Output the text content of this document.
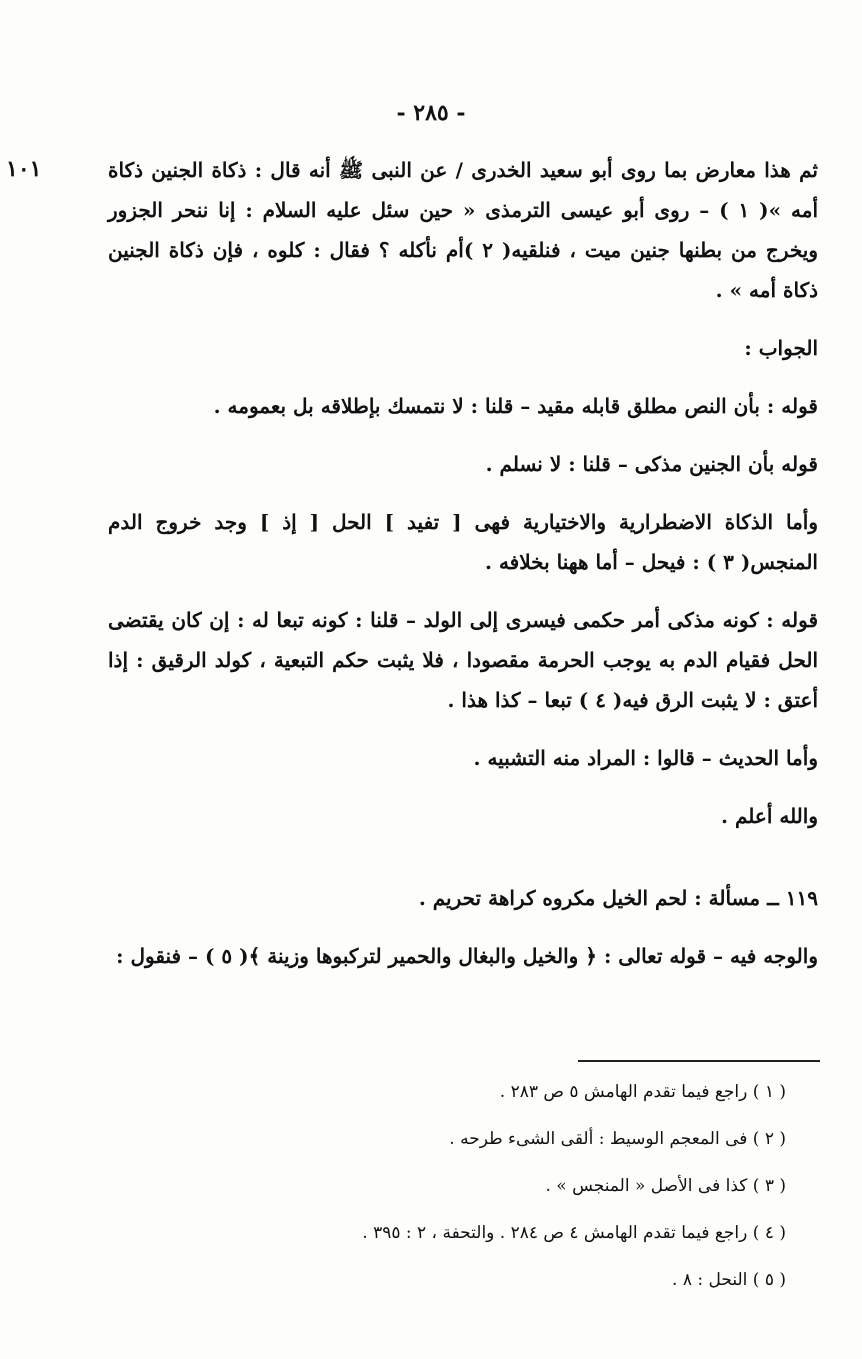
- ٢٨٥ -
١٠١	ثم هذا معارض بما روى أبو سعيد الخدرى / عن النبى ﷺ أنه قال : ذكاة الجنين ذكاة أمه »( ١ ) – روى أبو عيسى الترمذى « حين سئل عليه السلام : إنا ننحر الجزور ويخرج من بطنها جنين ميت ، فنلقيه( ٢ )أم نأكله ؟ فقال : كلوه ، فإن ذكاة الجنين ذكاة أمه » .

الجواب :

قوله : بأن النص مطلق قابله مقيد – قلنا : لا نتمسك بإطلاقه بل بعمومه .

قوله بأن الجنين مذكى – قلنا : لا نسلم .

وأما الذكاة الاضطرارية والاختيارية فهى [ تفيد ] الحل [ إذ ] وجد خروج الدم المنجس( ٣ ) : فيحل – أما ههنا بخلافه .

قوله : كونه مذكى أمر حكمى فيسرى إلى الولد – قلنا : كونه تبعا له : إن كان يقتضى الحل فقيام الدم به يوجب الحرمة مقصودا ، فلا يثبت حكم التبعية ، كولد الرقيق : إذا أعتق : لا يثبت الرق فيه( ٤ ) تبعا – كذا هذا .

وأما الحديث – قالوا : المراد منه التشبيه .

والله أعلم .

١١٩ ــ مسألة : لحم الخيل مكروه كراهة تحريم .

والوجه فيه – قوله تعالى : ﴿ والخيل والبغال والحمير لتركبوها وزينة ﴾( ٥ ) – فنقول :

( ١ ) راجع فيما تقدم الهامش ٥ ص ٢٨٣ .
( ٢ ) فى المعجم الوسيط : ألقى الشىء طرحه .
( ٣ ) كذا فى الأصل « المنجس » .
( ٤ ) راجع فيما تقدم الهامش ٤ ص ٢٨٤ . والتحفة ، ٢ : ٣٩٥ .
( ٥ ) النحل : ٨ .
